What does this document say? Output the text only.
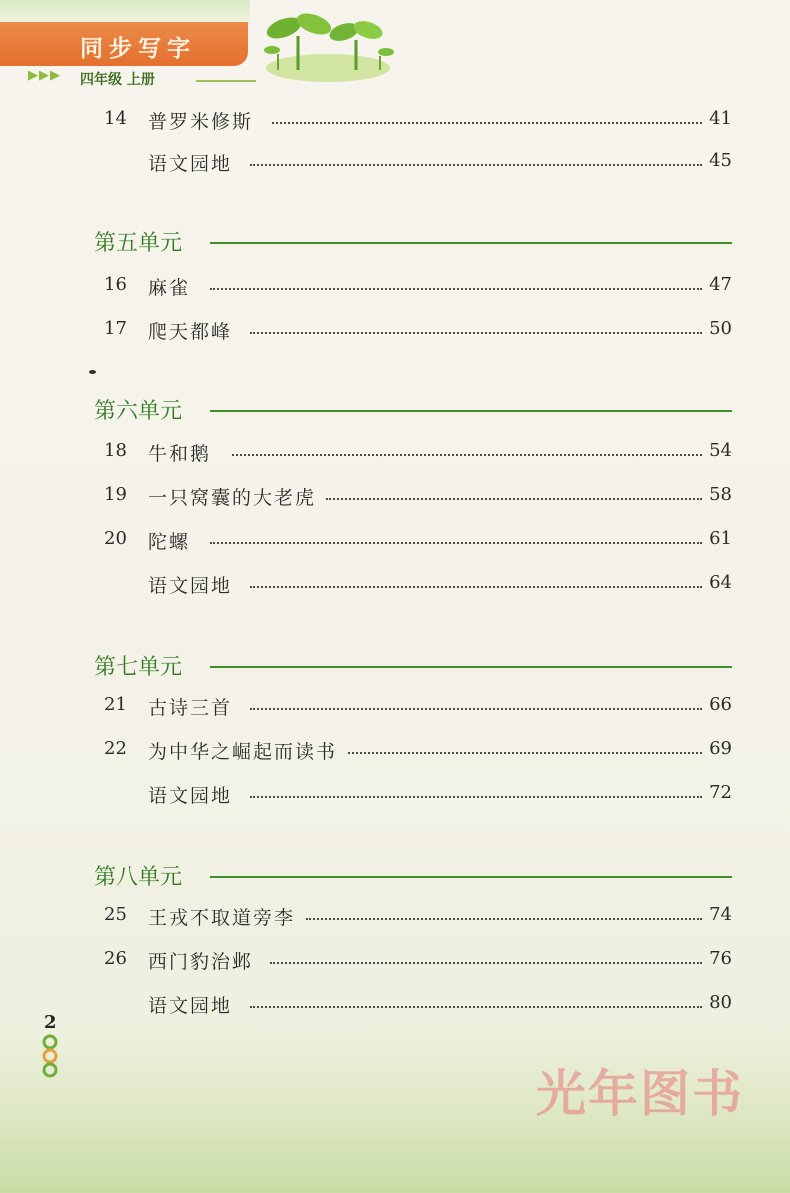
同步写字
▶▶▶ 四年级 上册
14 普罗米修斯	41
语文园地	45
第五单元
16 麻雀	47
17 爬天都峰	50
第六单元
18 牛和鹅	54
19 一只窝囊的大老虎	58
20 陀螺	61
语文园地	64
第七单元
21 古诗三首	66
22 为中华之崛起而读书	69
语文园地	72
第八单元
25 王戎不取道旁李	74
26 西门豹治邺	76
语文园地	80
2
光年图书
